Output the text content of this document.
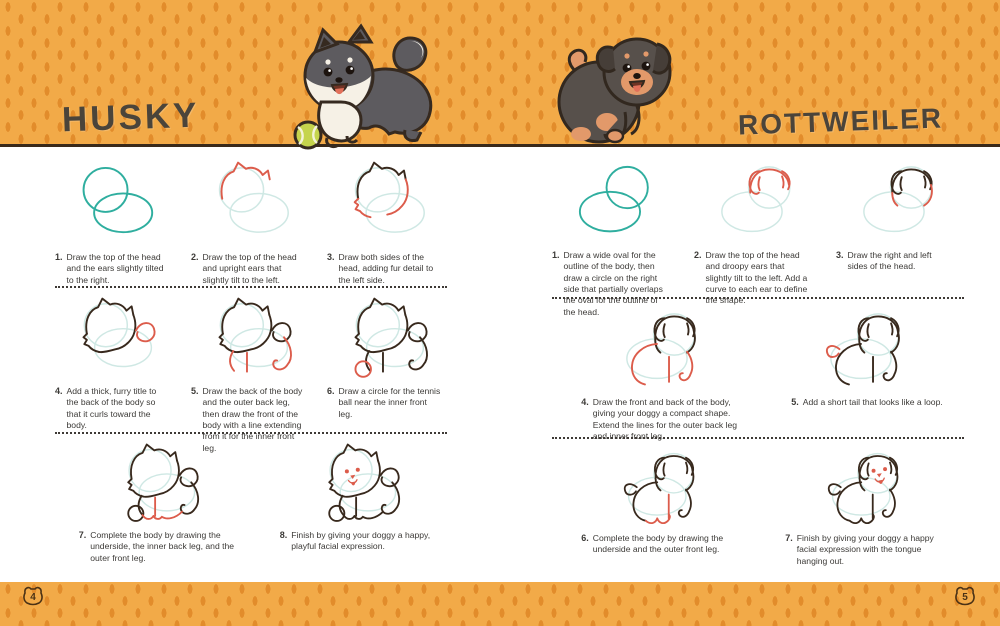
HUSKY	ROTTWEILER
1. Draw the top of the head and the ears slightly tilted to the right.
2. Draw the top of the head and upright ears that slightly tilt to the left.
3. Draw both sides of the head, adding fur detail to the left side.
4. Add a thick, furry title to the back of the body so that it curls toward the body.
5. Draw the back of the body and the outer back leg, then draw the front of the body with a line extending from it for the inner front leg.
6. Draw a circle for the tennis ball near the inner front leg.
7. Complete the body by drawing the underside, the inner back leg, and the outer front leg.
8. Finish by giving your doggy a happy, playful facial expression.
1. Draw a wide oval for the outline of the body, then draw a circle on the right side that partially overlaps the oval for the outline of the head.
2. Draw the top of the head and droopy ears that slightly tilt to the left. Add a curve to each ear to define the shape.
3. Draw the right and left sides of the head.
4. Draw the front and back of the body, giving your doggy a compact shape. Extend the lines for the outer back leg and inner front leg.
5. Add a short tail that looks like a loop.
6. Complete the body by drawing the underside and the outer front leg.
7. Finish by giving your doggy a happy facial expression with the tongue hanging out.
4	5
